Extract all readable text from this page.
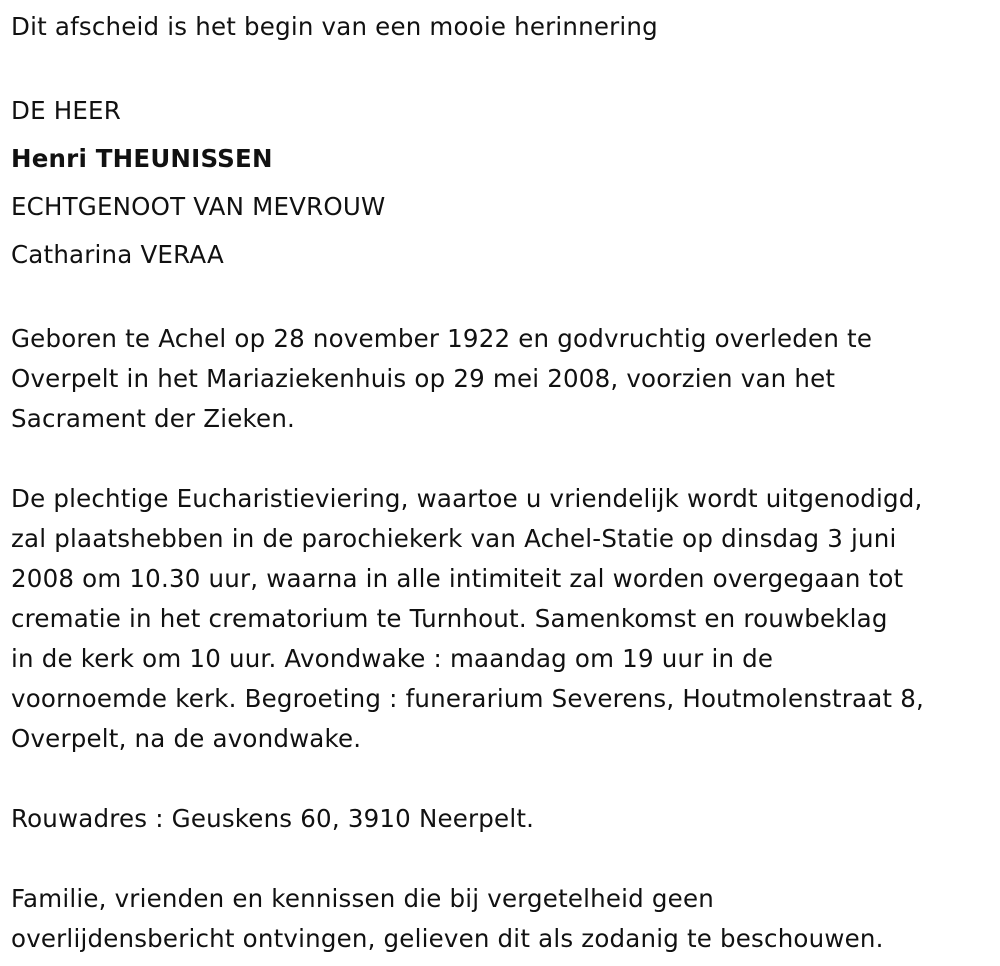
Dit afscheid is het begin van een mooie herinnering
DE HEER
Henri THEUNISSEN
ECHTGENOOT VAN MEVROUW
Catharina VERAA
Geboren te Achel op 28 november 1922 en godvruchtig overleden te
Overpelt in het Mariaziekenhuis op 29 mei 2008, voorzien van het
Sacrament der Zieken.
De plechtige Eucharistieviering, waartoe u vriendelijk wordt uitgenodigd,
zal plaatshebben in de parochiekerk van Achel-Statie op dinsdag 3 juni
2008 om 10.30 uur, waarna in alle intimiteit zal worden overgegaan tot
crematie in het crematorium te Turnhout. Samenkomst en rouwbeklag
in de kerk om 10 uur. Avondwake : maandag om 19 uur in de
voornoemde kerk. Begroeting : funerarium Severens, Houtmolenstraat 8,
Overpelt, na de avondwake.
Rouwadres : Geuskens 60, 3910 Neerpelt.
Familie, vrienden en kennissen die bij vergetelheid geen
overlijdensbericht ontvingen, gelieven dit als zodanig te beschouwen.
